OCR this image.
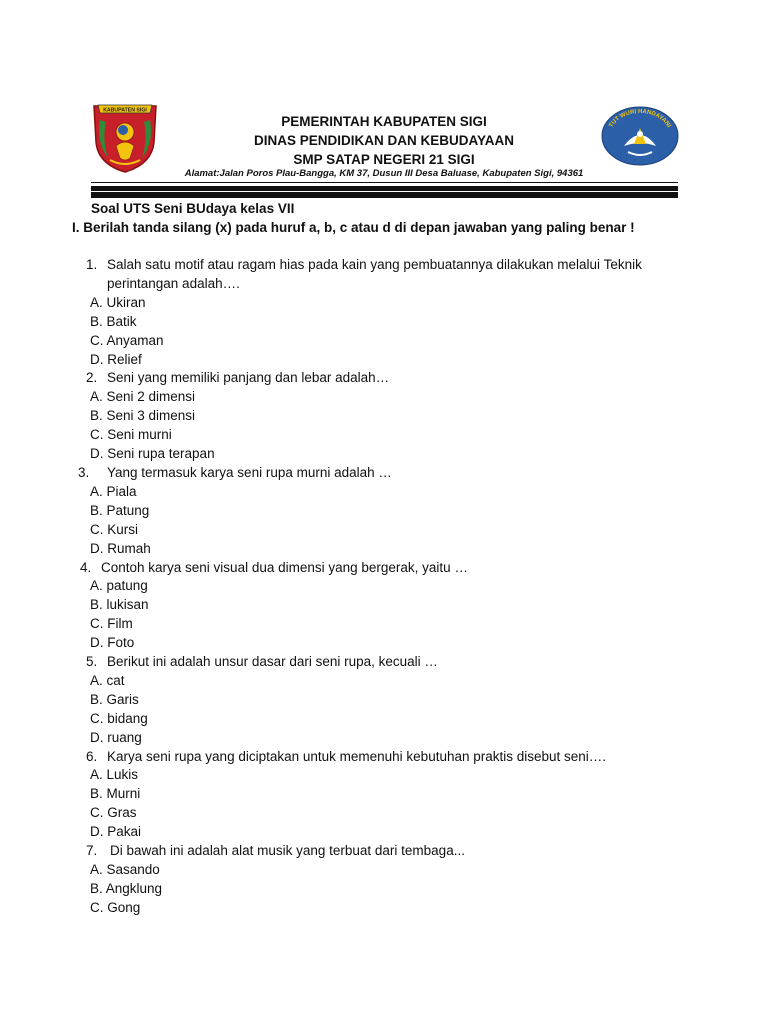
KABUPATEN SIGI
PEMERINTAH KABUPATEN SIGI
DINAS PENDIDIKAN DAN KEBUDAYAAN
SMP SATAP NEGERI 21 SIGI
TUT WURI HANDAYANI
Alamat:Jalan Poros Plau-Bangga, KM 37, Dusun III Desa Baluase, Kabupaten Sigi, 94361
Soal UTS Seni BUdaya kelas VII
I. Berilah tanda silang (x) pada huruf a, b, c atau d di depan jawaban yang paling benar !
1. Salah satu motif atau ragam hias pada kain yang pembuatannya dilakukan melalui Teknik perintangan adalah….
A. Ukiran
B. Batik
C. Anyaman
D. Relief
2. Seni yang memiliki panjang dan lebar adalah…
A. Seni 2 dimensi
B. Seni 3 dimensi
C. Seni murni
D. Seni rupa terapan
3.	Yang termasuk karya seni rupa murni adalah …
A. Piala
B. Patung
C. Kursi
D. Rumah
4. Contoh karya seni visual dua dimensi yang bergerak, yaitu …
A. patung
B. lukisan
C. Film
D. Foto
5. Berikut ini adalah unsur dasar dari seni rupa, kecuali …
A. cat
B. Garis
C. bidang
D. ruang
6. Karya seni rupa yang diciptakan untuk memenuhi kebutuhan praktis disebut seni….
A. Lukis
B. Murni
C. Gras
D. Pakai
7. Di bawah ini adalah alat musik yang terbuat dari tembaga...
A. Sasando
B. Angklung
C. Gong
